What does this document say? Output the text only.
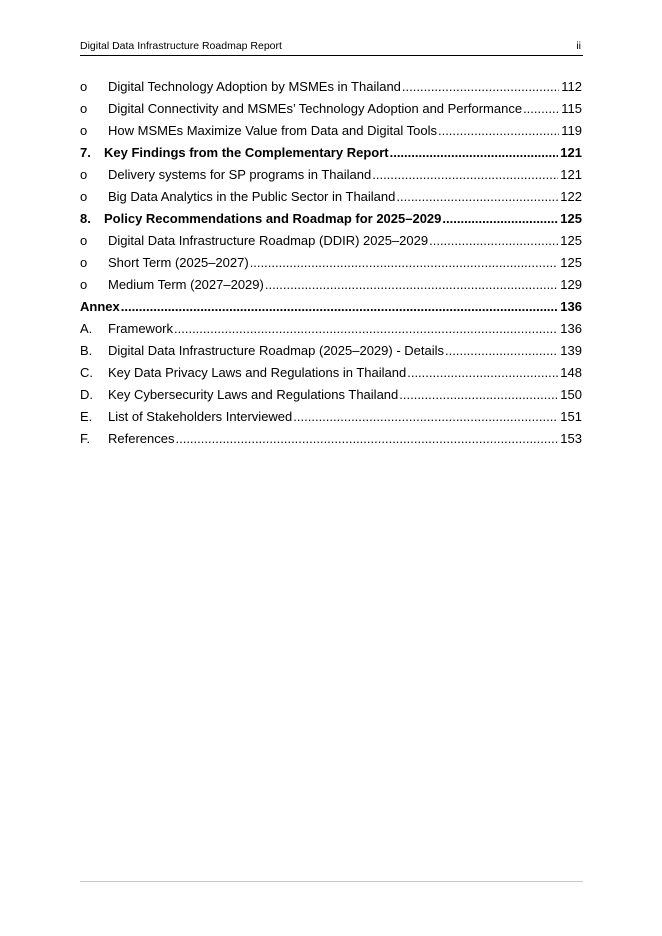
Digital Data Infrastructure Roadmap Report	ii
o	Digital Technology Adoption by MSMEs in Thailand .....	112
o	Digital Connectivity and MSMEs’ Technology Adoption and Performance .....	115
o	How MSMEs Maximize Value from Data and Digital Tools .....	119
7.	Key Findings from the Complementary Report .....	121
o	Delivery systems for SP programs in Thailand .....	121
o	Big Data Analytics in the Public Sector in Thailand .....	122
8.	Policy Recommendations and Roadmap for 2025–2029 .....	125
o	Digital Data Infrastructure Roadmap (DDIR) 2025–2029 .....	125
o	Short Term (2025–2027) .....	125
o	Medium Term (2027–2029) .....	129
Annex .....	136
A.	Framework .....	136
B.	Digital Data Infrastructure Roadmap (2025–2029) - Details .....	139
C.	Key Data Privacy Laws and Regulations in Thailand .....	148
D.	Key Cybersecurity Laws and Regulations Thailand .....	150
E.	List of Stakeholders Interviewed .....	151
F.	References .....	153
